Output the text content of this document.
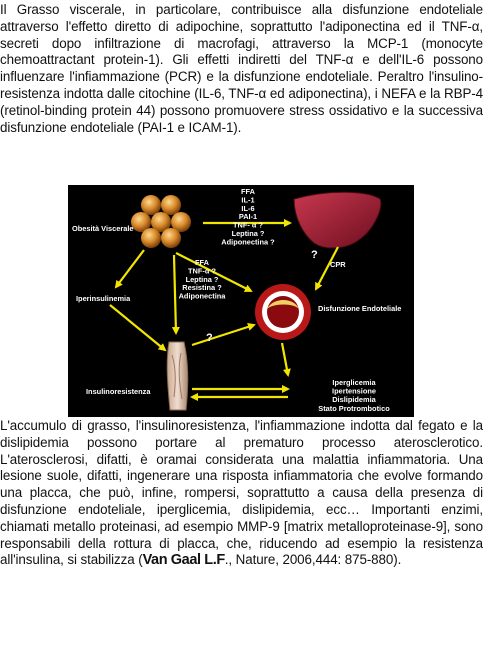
Il Grasso viscerale, in particolare, contribuisce alla disfunzione endoteliale attraverso l'effetto diretto di adipochine, soprattutto l'adiponectina ed il TNF-α, secreti dopo infiltrazione di macrofagi, attraverso la MCP-1 (monocyte chemoattractant protein-1). Gli effetti indiretti del TNF-α e dell'IL-6 possono influenzare l'infiammazione (PCR) e la disfunzione endoteliale. Peraltro l'insulino-resistenza indotta dalle citochine (IL-6, TNF-α ed adiponectina), i NEFA e la RBP-4 (retinol-binding protein 44) possono promuovere stress ossidativo e la successiva disfunzione endoteliale (PAI-1 e ICAM-1).

Obesità Viscerale
CPR
Iperinsulinemia
Disfunzione Endoteliale
Insulinoresistenza
?
?
FFA
IL-1
IL-6
PAI-1
TNF- α ?
Leptina ?
Adiponectina ?
FFA
TNF-α ?
Leptina ?
Resistina ?
Adiponectina
Iperglicemia
Ipertensione
Dislipidemia
Stato Protrombotico

L'accumulo di grasso, l'insulinoresistenza, l'infiammazione indotta dal fegato e la dislipidemia possono portare al prematuro processo aterosclerotico. L'aterosclerosi, difatti, è oramai considerata una malattia infiammatoria. Una lesione suole, difatti, ingenerare una risposta infiammatoria che evolve formando una placca, che può, infine, rompersi, soprattutto a causa della presenza di disfunzione endoteliale, iperglicemia, dislipidemia, ecc… Importanti enzimi, chiamati metallo proteinasi, ad esempio MMP-9 [matrix metalloproteinase-9], sono responsabili della rottura di placca, che, riducendo ad esempio la resistenza all'insulina, si stabilizza (Van Gaal L.F., Nature, 2006,444: 875-880).
